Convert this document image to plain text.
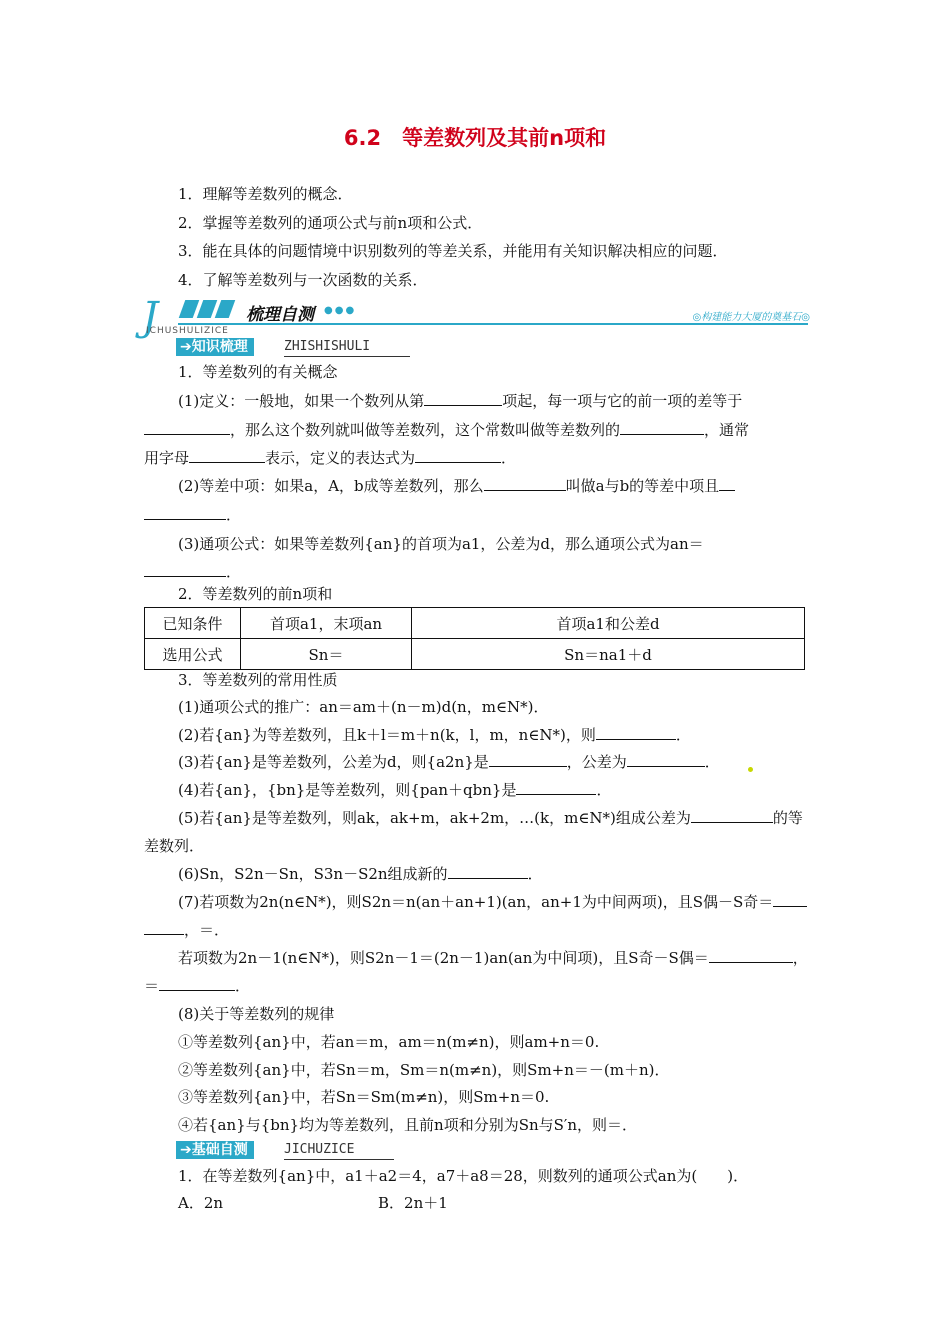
6.2　等差数列及其前n项和
1．理解等差数列的概念．
2．掌握等差数列的通项公式与前n项和公式．
3．能在具体的问题情境中识别数列的等差关系，并能用有关知识解决相应的问题．
4．了解等差数列与一次函数的关系．
J	梳理自测 ●●●
ICHUSHULIZICE
◎构建能力大厦的奠基石◎
➔知识梳理	ZHISHISHULI
1．等差数列的有关概念
(1)定义：一般地，如果一个数列从第	项起，每一项与它的前一项的差等于
，那么这个数列就叫做等差数列，这个常数叫做等差数列的	，通常
用字母	表示，定义的表达式为	．
(2)等差中项：如果a，A，b成等差数列，那么	叫做a与b的等差中项且
．
(3)通项公式：如果等差数列{an}的首项为a1，公差为d，那么通项公式为an＝
．
2．等差数列的前n项和
已知条件	首项a1，末项an	首项a1和公差d
选用公式	Sn＝	Sn＝na1＋d
3．等差数列的常用性质
(1)通项公式的推广：an＝am＋(n－m)d(n，m∈N*)．
(2)若{an}为等差数列，且k＋l＝m＋n(k，l，m，n∈N*)，则	．
(3)若{an}是等差数列，公差为d，则{a2n}是	，公差为	．
(4)若{an}，{bn}是等差数列，则{pan＋qbn}是	．
(5)若{an}是等差数列，则ak，ak+m，ak+2m，…(k，m∈N*)组成公差为	的等
差数列．
(6)Sn，S2n－Sn，S3n－S2n组成新的	．
(7)若项数为2n(n∈N*)，则S2n＝n(an＋an+1)(an，an+1为中间两项)，且S偶－S奇＝
，＝．
若项数为2n－1(n∈N*)，则S2n－1＝(2n－1)an(an为中间项)，且S奇－S偶＝	，
＝	．
(8)关于等差数列的规律
①等差数列{an}中，若an＝m，am＝n(m≠n)，则am+n＝0.
②等差数列{an}中，若Sn＝m，Sm＝n(m≠n)，则Sm+n＝－(m＋n)．
③等差数列{an}中，若Sn＝Sm(m≠n)，则Sm+n＝0.
④若{an}与{bn}均为等差数列，且前n项和分别为Sn与S′n，则＝．
➔基础自测	JICHUZICE
1．在等差数列{an}中，a1＋a2＝4，a7＋a8＝28，则数列的通项公式an为(　　)．
A．2n	B．2n＋1
